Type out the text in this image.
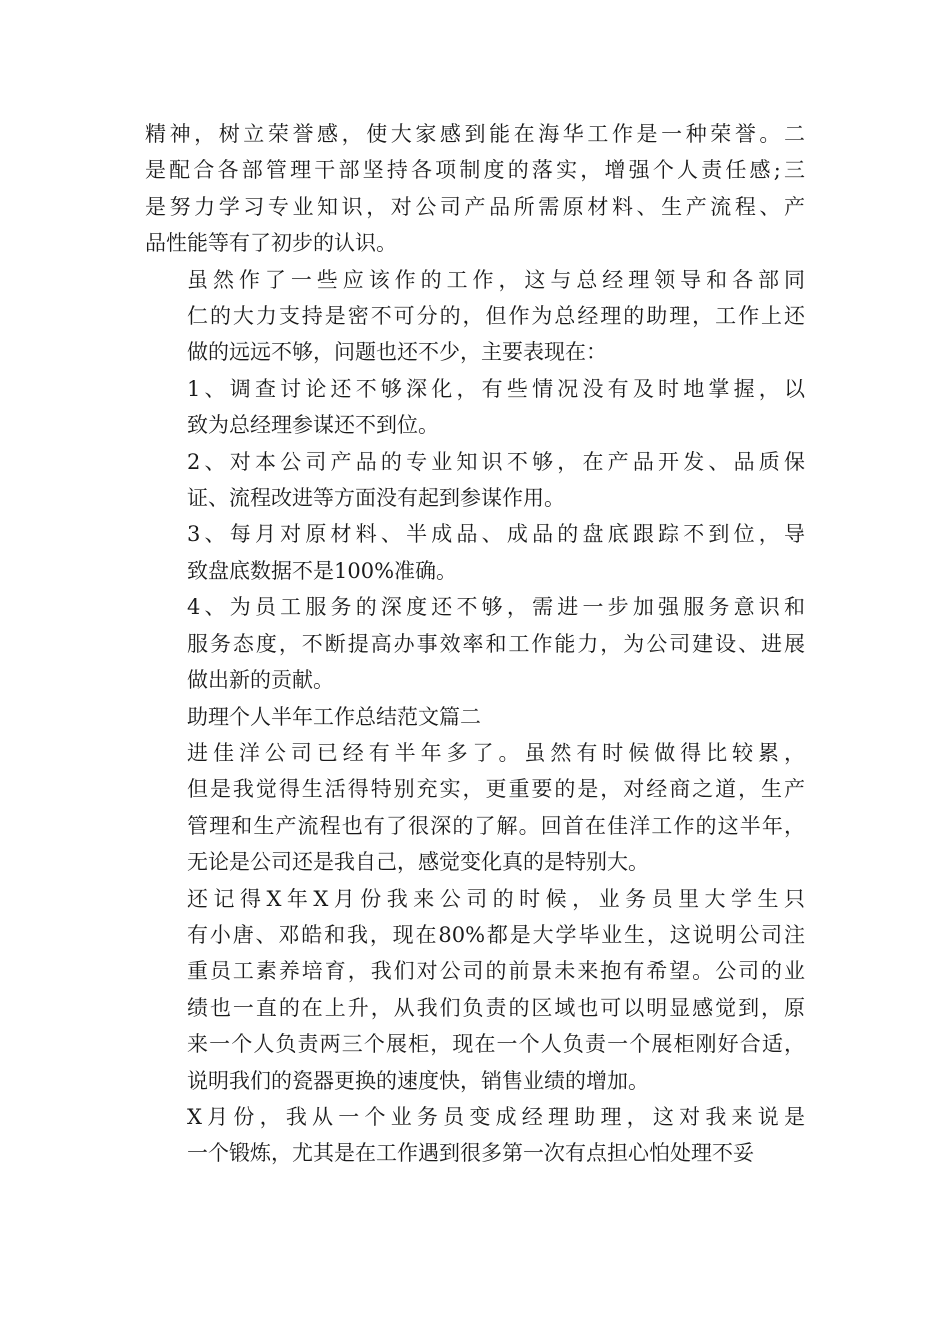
精神，树立荣誉感，使大家感到能在海华工作是一种荣誉。二
是配合各部管理干部坚持各项制度的落实，增强个人责任感;三
是努力学习专业知识，对公司产品所需原材料、生产流程、产
品性能等有了初步的认识。
虽然作了一些应该作的工作，这与总经理领导和各部同
仁的大力支持是密不可分的，但作为总经理的助理，工作上还
做的远远不够，问题也还不少，主要表现在：
1、调查讨论还不够深化，有些情况没有及时地掌握，以
致为总经理参谋还不到位。
2、对本公司产品的专业知识不够，在产品开发、品质保
证、流程改进等方面没有起到参谋作用。
3、每月对原材料、半成品、成品的盘底跟踪不到位，导
致盘底数据不是100%准确。
4、为员工服务的深度还不够，需进一步加强服务意识和
服务态度，不断提高办事效率和工作能力，为公司建设、进展
做出新的贡献。
助理个人半年工作总结范文篇二
进佳洋公司已经有半年多了。虽然有时候做得比较累，
但是我觉得生活得特别充实，更重要的是，对经商之道，生产
管理和生产流程也有了很深的了解。回首在佳洋工作的这半年，
无论是公司还是我自己，感觉变化真的是特别大。
还记得X年X月份我来公司的时候，业务员里大学生只
有小唐、邓皓和我，现在80%都是大学毕业生，这说明公司注
重员工素养培育，我们对公司的前景未来抱有希望。公司的业
绩也一直的在上升，从我们负责的区域也可以明显感觉到，原
来一个人负责两三个展柜，现在一个人负责一个展柜刚好合适，
说明我们的瓷器更换的速度快，销售业绩的增加。
X月份，我从一个业务员变成经理助理，这对我来说是
一个锻炼，尤其是在工作遇到很多第一次有点担心怕处理不妥
